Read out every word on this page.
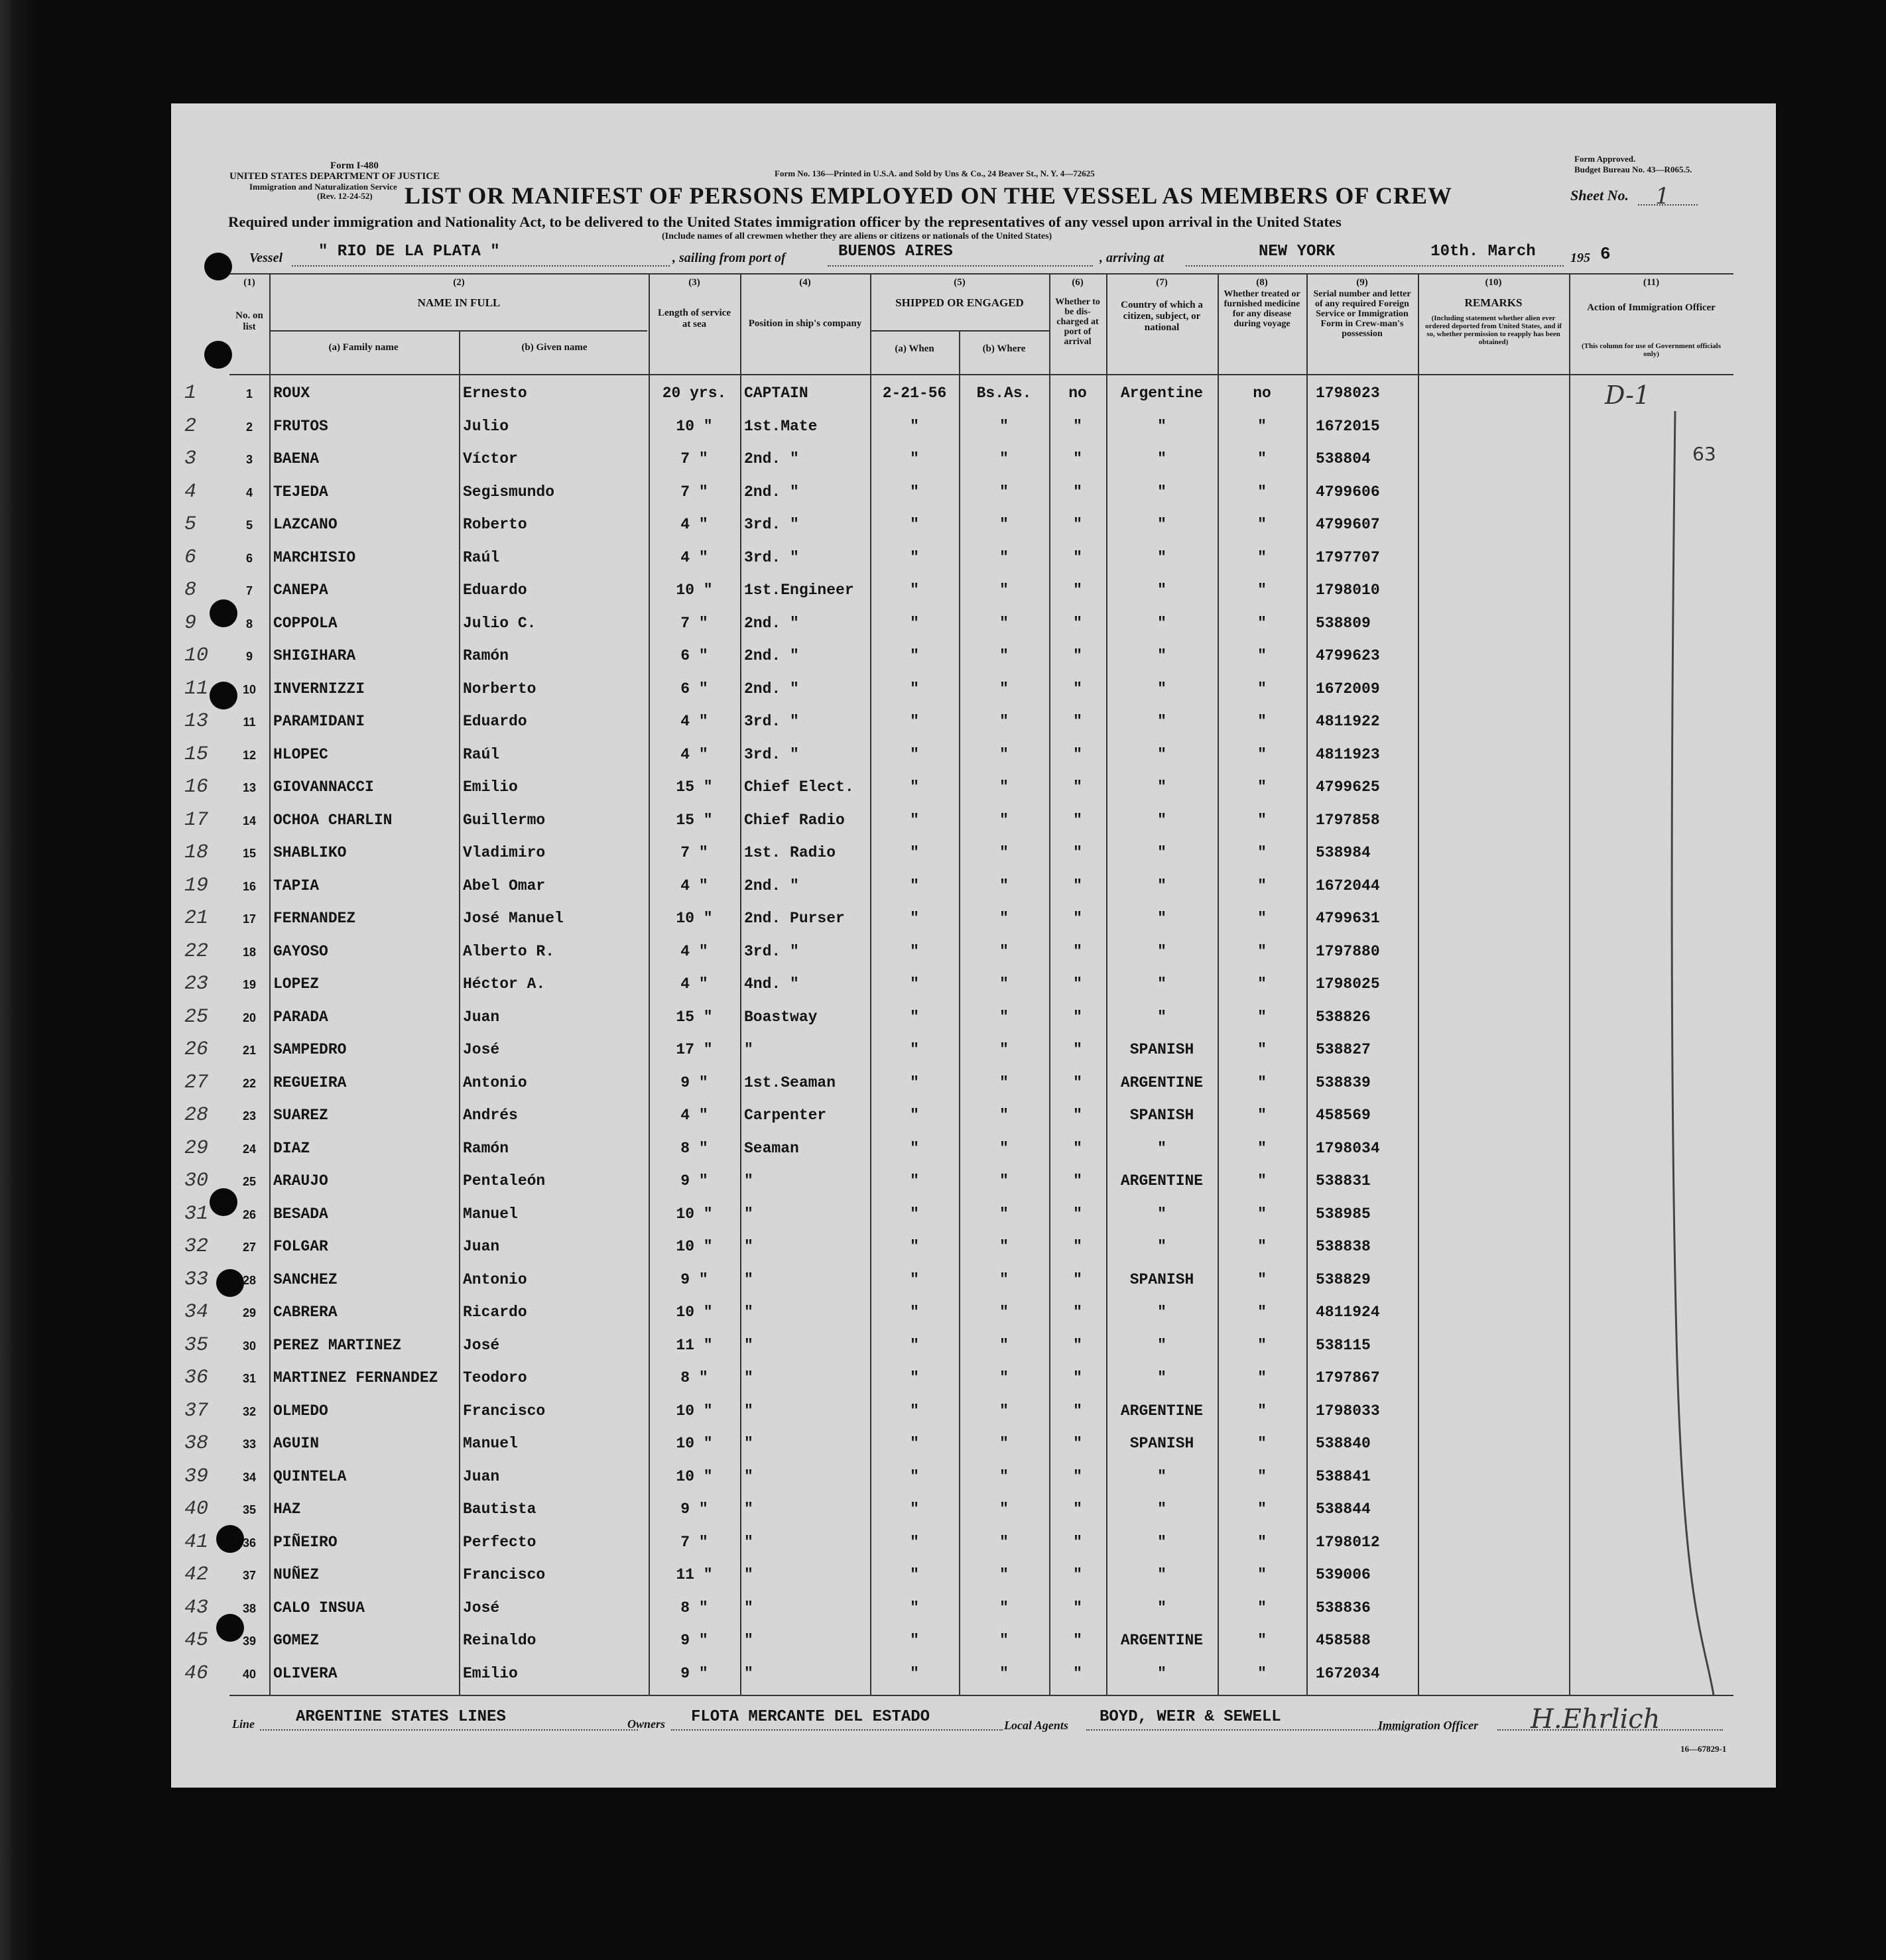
Form I-480
UNITED STATES DEPARTMENT OF JUSTICE
Immigration and Naturalization Service
(Rev. 12-24-52)
Form No. 136—Printed in U.S.A. and Sold by Uns & Co., 24 Beaver St., N. Y. 4—72625
Form Approved.
Budget Bureau No. 43—R065.5.
LIST OR MANIFEST OF PERSONS EMPLOYED ON THE VESSEL AS MEMBERS OF CREW	Sheet No.	1
Required under immigration and Nationality Act, to be delivered to the United States immigration officer by the representatives of any vessel upon arrival in the United States
(Include names of all crewmen whether they are aliens or citizens or nationals of the United States)
Vessel	" RIO DE LA PLATA "	, sailing from port of	BUENOS AIRES	, arriving at	NEW YORK	10th. March	195 6
(1)
No. on list
(2)
NAME IN FULL
(a) Family name	(b) Given name
(3)
Length of service at sea
(4)
Position in ship's company
(5)
SHIPPED OR ENGAGED
(a) When	(b) Where
(6)
Whether to be dis-charged at port of arrival
(7)
Country of which a citizen, subject, or national
(8)
Whether treated or furnished medicine for any disease during voyage
(9)
Serial number and letter of any required Foreign Service or Immigration Form in Crew-man's possession
(10)
REMARKS
(Including statement whether alien ever ordered deported from United States, and if so, whether permission to reapply has been obtained)
(11)
Action of Immigration Officer
(This column for use of Government officials only)
1	1	ROUX	Ernesto	20 yrs.	CAPTAIN	2-21-56	Bs.As.	no	Argentine	no	1798023
2	2	FRUTOS	Julio	10 "	1st.Mate	"	"	"	"	"	1672015
3	3	BAENA	Víctor	7 "	2nd. "	"	"	"	"	"	538804
4	4	TEJEDA	Segismundo	7 "	2nd. "	"	"	"	"	"	4799606
5	5	LAZCANO	Roberto	4 "	3rd. "	"	"	"	"	"	4799607
6	6	MARCHISIO	Raúl	4 "	3rd. "	"	"	"	"	"	1797707
8	7	CANEPA	Eduardo	10 "	1st.Engineer	"	"	"	"	"	1798010
9	8	COPPOLA	Julio C.	7 "	2nd. "	"	"	"	"	"	538809
10	9	SHIGIHARA	Ramón	6 "	2nd. "	"	"	"	"	"	4799623
11	10	INVERNIZZI	Norberto	6 "	2nd. "	"	"	"	"	"	1672009
13	11	PARAMIDANI	Eduardo	4 "	3rd. "	"	"	"	"	"	4811922
15	12	HLOPEC	Raúl	4 "	3rd. "	"	"	"	"	"	4811923
16	13	GIOVANNACCI	Emilio	15 "	Chief Elect.	"	"	"	"	"	4799625
17	14	OCHOA CHARLIN	Guillermo	15 "	Chief Radio	"	"	"	"	"	1797858
18	15	SHABLIKO	Vladimiro	7 "	1st. Radio	"	"	"	"	"	538984
19	16	TAPIA	Abel Omar	4 "	2nd. "	"	"	"	"	"	1672044
21	17	FERNANDEZ	José Manuel	10 "	2nd. Purser	"	"	"	"	"	4799631
22	18	GAYOSO	Alberto R.	4 "	3rd. "	"	"	"	"	"	1797880
23	19	LOPEZ	Héctor A.	4 "	4nd. "	"	"	"	"	"	1798025
25	20	PARADA	Juan	15 "	Boastway	"	"	"	"	"	538826
26	21	SAMPEDRO	José	17 "	"	"	"	"	SPANISH	"	538827
27	22	REGUEIRA	Antonio	9 "	1st.Seaman	"	"	"	ARGENTINE	"	538839
28	23	SUAREZ	Andrés	4 "	Carpenter	"	"	"	SPANISH	"	458569
29	24	DIAZ	Ramón	8 "	Seaman	"	"	"	"	"	1798034
30	25	ARAUJO	Pentaleón	9 "	"	"	"	"	ARGENTINE	"	538831
31	26	BESADA	Manuel	10 "	"	"	"	"	"	"	538985
32	27	FOLGAR	Juan	10 "	"	"	"	"	"	"	538838
33	28	SANCHEZ	Antonio	9 "	"	"	"	"	SPANISH	"	538829
34	29	CABRERA	Ricardo	10 "	"	"	"	"	"	"	4811924
35	30	PEREZ MARTINEZ	José	11 "	"	"	"	"	"	"	538115
36	31	MARTINEZ FERNANDEZ Teodoro	8 "	"	"	"	"	"	"	1797867
37	32	OLMEDO	Francisco	10 "	"	"	"	"	ARGENTINE	"	1798033
38	33	AGUIN	Manuel	10 "	"	"	"	"	SPANISH	"	538840
39	34	QUINTELA	Juan	10 "	"	"	"	"	"	"	538841
40	35	HAZ	Bautista	9 "	"	"	"	"	"	"	538844
41	36	PIÑEIRO	Perfecto	7 "	"	"	"	"	"	"	1798012
42	37	NUÑEZ	Francisco	11 "	"	"	"	"	"	"	539006
43	38	CALO INSUA	José	8 "	"	"	"	"	"	"	538836
45	39	GOMEZ	Reinaldo	9 "	"	"	"	"	ARGENTINE	"	458588
46	40	OLIVERA	Emilio	9 "	"	"	"	"	"	"	1672034
D-1
63
Line	ARGENTINE STATES LINES	Owners	FLOTA MERCANTE DEL ESTADO	Local Agents	BOYD, WEIR & SEWELL	Immigration Officer	H.Ehrlich
16—67829-1
